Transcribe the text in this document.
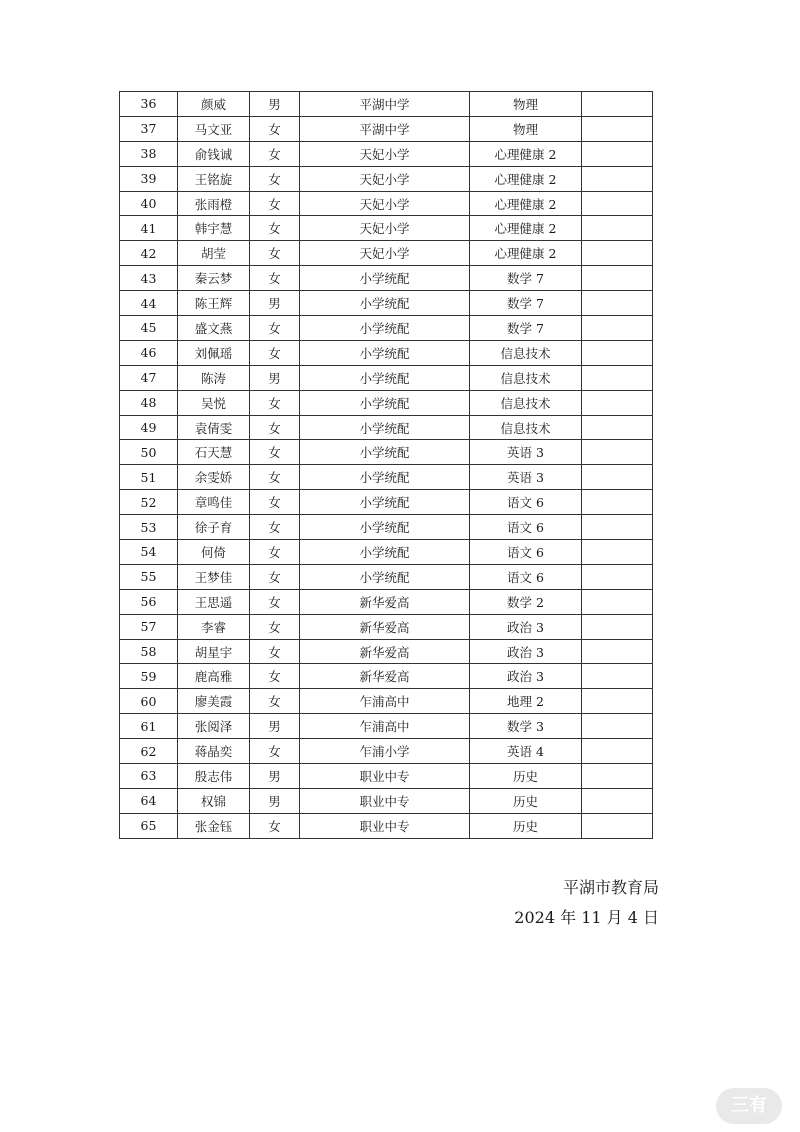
36	颜威	男	平湖中学	物理	
37	马文亚	女	平湖中学	物理	
38	俞钱诚	女	天妃小学	心理健康 2	
39	王铭旋	女	天妃小学	心理健康 2	
40	张雨橙	女	天妃小学	心理健康 2	
41	韩宇慧	女	天妃小学	心理健康 2	
42	胡莹	女	天妃小学	心理健康 2	
43	秦云梦	女	小学统配	数学 7	
44	陈王辉	男	小学统配	数学 7	
45	盛文燕	女	小学统配	数学 7	
46	刘佩瑶	女	小学统配	信息技术	
47	陈涛	男	小学统配	信息技术	
48	吴悦	女	小学统配	信息技术	
49	袁倩雯	女	小学统配	信息技术	
50	石天慧	女	小学统配	英语 3	
51	余雯娇	女	小学统配	英语 3	
52	章鸣佳	女	小学统配	语文 6	
53	徐子育	女	小学统配	语文 6	
54	何倚	女	小学统配	语文 6	
55	王梦佳	女	小学统配	语文 6	
56	王思遥	女	新华爱高	数学 2	
57	李睿	女	新华爱高	政治 3	
58	胡星宇	女	新华爱高	政治 3	
59	鹿高雅	女	新华爱高	政治 3	
60	廖美霞	女	乍浦高中	地理 2	
61	张阅泽	男	乍浦高中	数学 3	
62	蒋晶奕	女	乍浦小学	英语 4	
63	殷志伟	男	职业中专	历史	
64	权锦	男	职业中专	历史	
65	张金钰	女	职业中专	历史	
平湖市教育局
2024 年 11 月 4 日
三有
